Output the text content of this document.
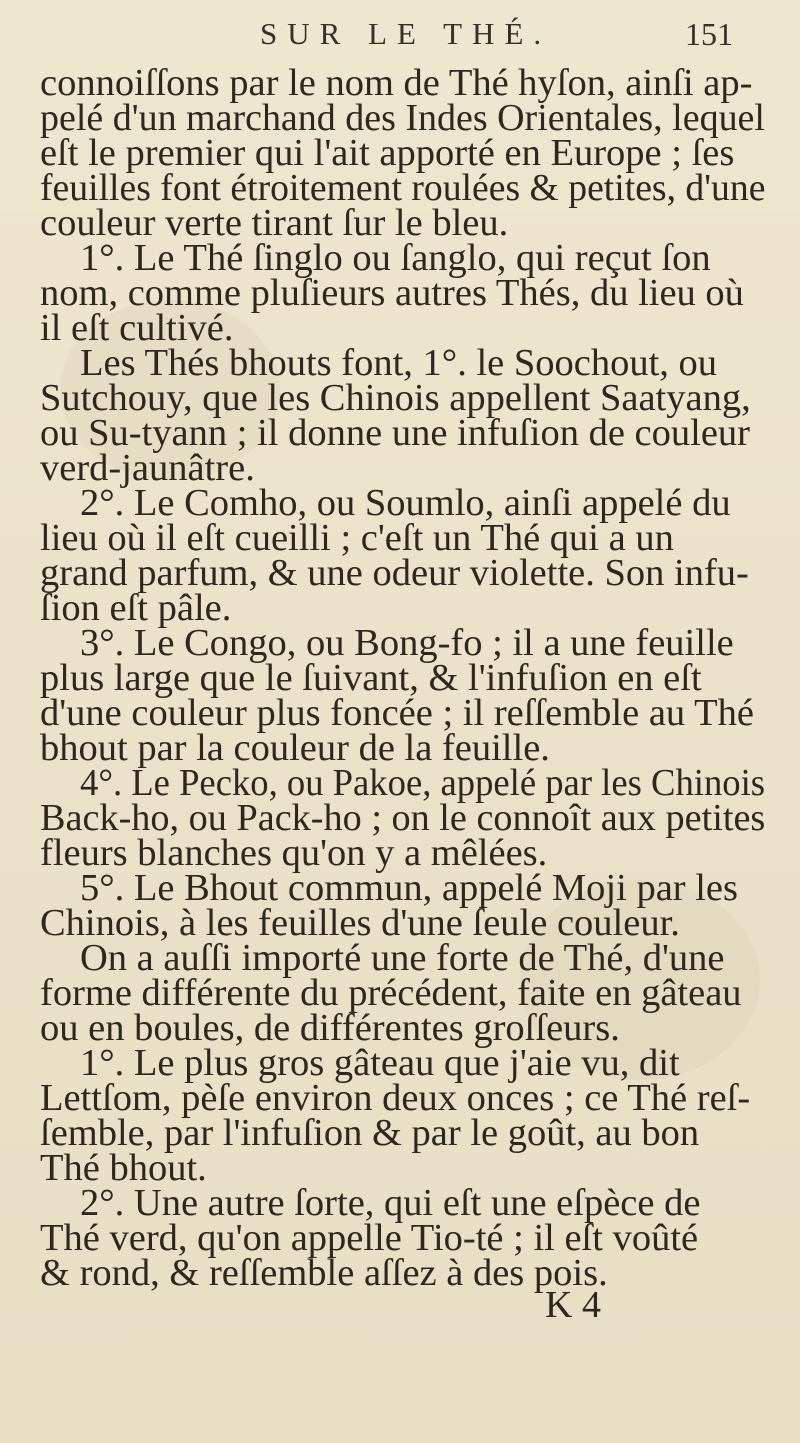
SUR LE THÉ.	151
connoiſſons par le nom de Thé hyſon, ainſi ap-
pelé d'un marchand des Indes Orientales, lequel
eſt le premier qui l'ait apporté en Europe ; ſes
feuilles font étroitement roulées & petites, d'une
couleur verte tirant ſur le bleu.
1°. Le Thé ſinglo ou ſanglo, qui reçut ſon
nom, comme pluſieurs autres Thés, du lieu où
il eſt cultivé.
Les Thés bhouts font, 1°. le Soochout, ou
Sutchouy, que les Chinois appellent Saatyang,
ou Su-tyann ; il donne une infuſion de couleur
verd-jaunâtre.
2°. Le Comho, ou Soumlo, ainſi appelé du
lieu où il eſt cueilli ; c'eſt un Thé qui a un
grand parfum, & une odeur violette. Son infu-
ſion eſt pâle.
3°. Le Congo, ou Bong-fo ; il a une feuille
plus large que le ſuivant, & l'infuſion en eſt
d'une couleur plus foncée ; il reſſemble au Thé
bhout par la couleur de la feuille.
4°. Le Pecko, ou Pakoe, appelé par les Chinois
Back-ho, ou Pack-ho ; on le connoît aux petites
fleurs blanches qu'on y a mêlées.
5°. Le Bhout commun, appelé Moji par les
Chinois, à les feuilles d'une ſeule couleur.
On a auſſi importé une forte de Thé, d'une
forme différente du précédent, faite en gâteau
ou en boules, de différentes groſſeurs.
1°. Le plus gros gâteau que j'aie vu, dit
Lettſom, pèſe environ deux onces ; ce Thé reſ-
ſemble, par l'infuſion & par le goût, au bon
Thé bhout.
2°. Une autre ſorte, qui eſt une eſpèce de
Thé verd, qu'on appelle Tio-té ; il eſt voûté
& rond, & reſſemble aſſez à des pois.
K 4
